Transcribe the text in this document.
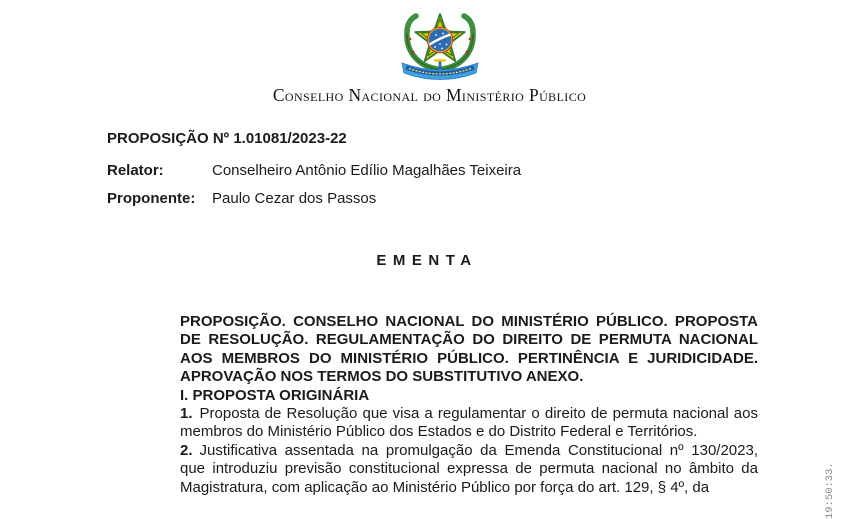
Conselho Nacional do Ministério Público
PROPOSIÇÃO Nº 1.01081/2023-22
Relator:	Conselheiro Antônio Edílio Magalhães Teixeira
Proponente: Paulo Cezar dos Passos
EMENTA

PROPOSIÇÃO. CONSELHO NACIONAL DO MINISTÉRIO PÚBLICO. PROPOSTA DE RESOLUÇÃO. REGULAMENTAÇÃO DO DIREITO DE PERMUTA NACIONAL AOS MEMBROS DO MINISTÉRIO PÚBLICO. PERTINÊNCIA E JURIDICIDADE. APROVAÇÃO NOS TERMOS DO SUBSTITUTIVO ANEXO.

I. PROPOSTA ORIGINÁRIA

1. Proposta de Resolução que visa a regulamentar o direito de permuta nacional aos membros do Ministério Público dos Estados e do Distrito Federal e Territórios.

2. Justificativa assentada na promulgação da Emenda Constitucional nº 130/2023, que introduziu previsão constitucional expressa de permuta nacional no âmbito da Magistratura, com aplicação ao Ministério Público por força do art. 129, § 4º, da	19:50:33.
